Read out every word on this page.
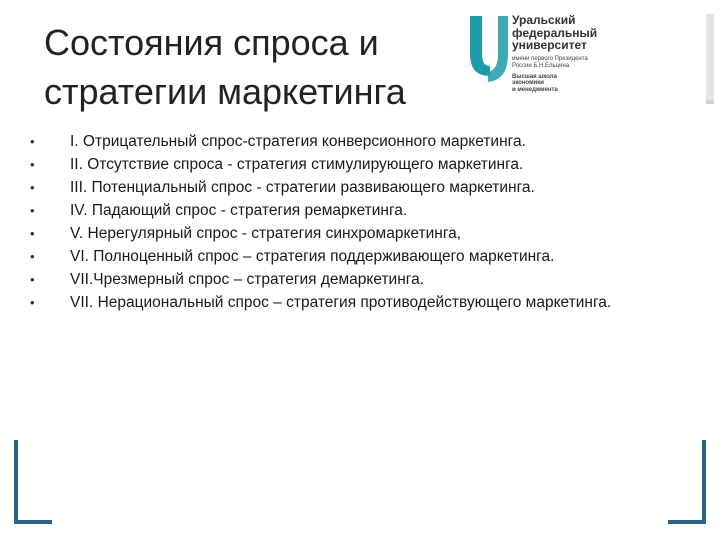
Состояния спроса и стратегии маркетинга
Уральский
федеральный
университет
имени первого Президента
России Б.Н.Ельцина
Высшая школа
экономики
и менеджмента
• I. Отрицательный спрос-стратегия конверсионного маркетинга.
• II. Отсутствие спроса - стратегия стимулирующего маркетинга.
• III. Потенциальный спрос - стратегии развивающего маркетинга.
• IV. Падающий спрос - стратегия ремаркетинга.
• V. Нерегулярный спрос - стратегия синхромаркетинга,
• VI. Полноценный спрос – стратегия поддерживающего маркетинга.
• VII.Чрезмерный спрос – стратегия демаркетинга.
• VII. Нерациональный спрос – стратегия противодействующего маркетинга.
